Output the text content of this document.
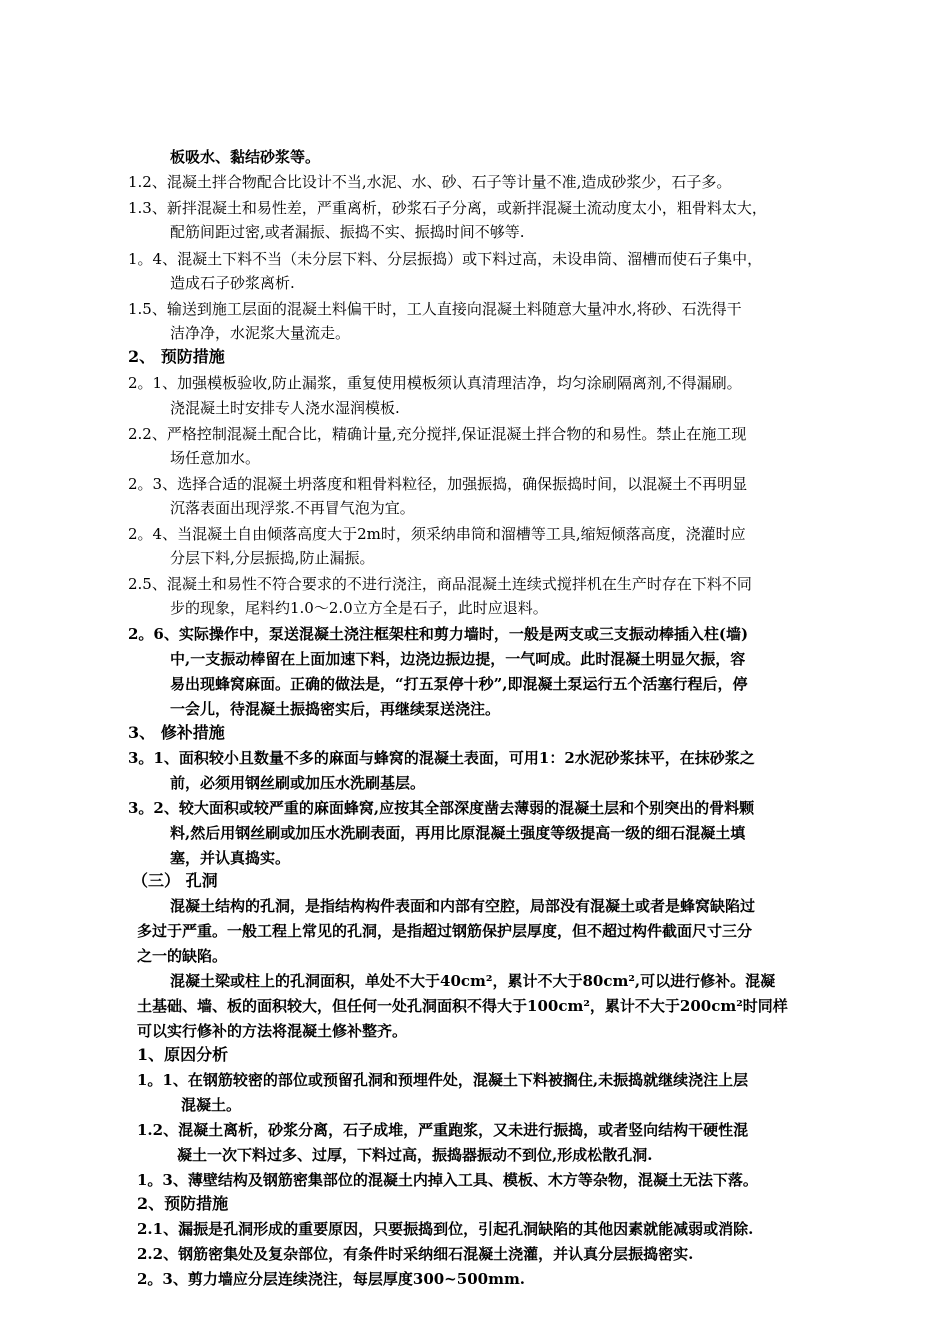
板吸水、黏结砂浆等。
1.2、混凝土拌合物配合比设计不当,水泥、水、砂、石子等计量不准,造成砂浆少，石子多。
1.3、新拌混凝土和易性差，严重离析，砂浆石子分离，或新拌混凝土流动度太小，粗骨料太大，
配筋间距过密,或者漏振、振捣不实、振捣时间不够等.
1。4、混凝土下料不当（未分层下料、分层振捣）或下料过高，未设串筒、溜槽而使石子集中，
造成石子砂浆离析.
1.5、输送到施工层面的混凝土料偏干时，工人直接向混凝土料随意大量冲水,将砂、石洗得干
洁净净，水泥浆大量流走。
2、 预防措施
2。1、加强模板验收,防止漏浆，重复使用模板须认真清理洁净，均匀涂刷隔离剂,不得漏刷。
浇混凝土时安排专人浇水湿润模板.
2.2、严格控制混凝土配合比，精确计量,充分搅拌,保证混凝土拌合物的和易性。禁止在施工现
场任意加水。
2。3、选择合适的混凝土坍落度和粗骨料粒径，加强振捣，确保振捣时间，以混凝土不再明显
沉落表面出现浮浆.不再冒气泡为宜。
2。4、当混凝土自由倾落高度大于2m时，须采纳串筒和溜槽等工具,缩短倾落高度，浇灌时应
分层下料,分层振捣,防止漏振。
2.5、混凝土和易性不符合要求的不进行浇注，商品混凝土连续式搅拌机在生产时存在下料不同
步的现象，尾料约1.0～2.0立方全是石子，此时应退料。
2。6、实际操作中，泵送混凝土浇注框架柱和剪力墙时，一般是两支或三支振动棒插入柱(墙)
中,一支振动棒留在上面加速下料，边浇边振边提，一气呵成。此时混凝土明显欠振，容
易出现蜂窝麻面。正确的做法是，“打五泵停十秒”,即混凝土泵运行五个活塞行程后，停
一会儿，待混凝土振捣密实后，再继续泵送浇注。
3、 修补措施
3。1、面积较小且数量不多的麻面与蜂窝的混凝土表面，可用1：2水泥砂浆抹平，在抹砂浆之
前，必须用钢丝刷或加压水洗刷基层。
3。2、较大面积或较严重的麻面蜂窝,应按其全部深度凿去薄弱的混凝土层和个别突出的骨料颗
料,然后用钢丝刷或加压水洗刷表面，再用比原混凝土强度等级提高一级的细石混凝土填
塞，并认真捣实。
（三） 孔洞
混凝土结构的孔洞，是指结构构件表面和内部有空腔，局部没有混凝土或者是蜂窝缺陷过
多过于严重。一般工程上常见的孔洞，是指超过钢筋保护层厚度，但不超过构件截面尺寸三分
之一的缺陷。
混凝土梁或柱上的孔洞面积，单处不大于40cm²，累计不大于80cm²,可以进行修补。混凝
土基础、墙、板的面积较大，但任何一处孔洞面积不得大于100cm²，累计不大于200cm²时同样
可以实行修补的方法将混凝土修补整齐。
1、原因分析
1。1、在钢筋较密的部位或预留孔洞和预埋件处，混凝土下料被搁住,未振捣就继续浇注上层
混凝土。
1.2、混凝土离析，砂浆分离，石子成堆，严重跑浆，又未进行振捣，或者竖向结构干硬性混
凝土一次下料过多、过厚，下料过高，振捣器振动不到位,形成松散孔洞.
1。3、薄壁结构及钢筋密集部位的混凝土内掉入工具、模板、木方等杂物，混凝土无法下落。
2、预防措施
2.1、漏振是孔洞形成的重要原因，只要振捣到位，引起孔洞缺陷的其他因素就能减弱或消除.
2.2、钢筋密集处及复杂部位，有条件时采纳细石混凝土浇灌，并认真分层振捣密实.
2。3、剪力墙应分层连续浇注，每层厚度300~500mm.
